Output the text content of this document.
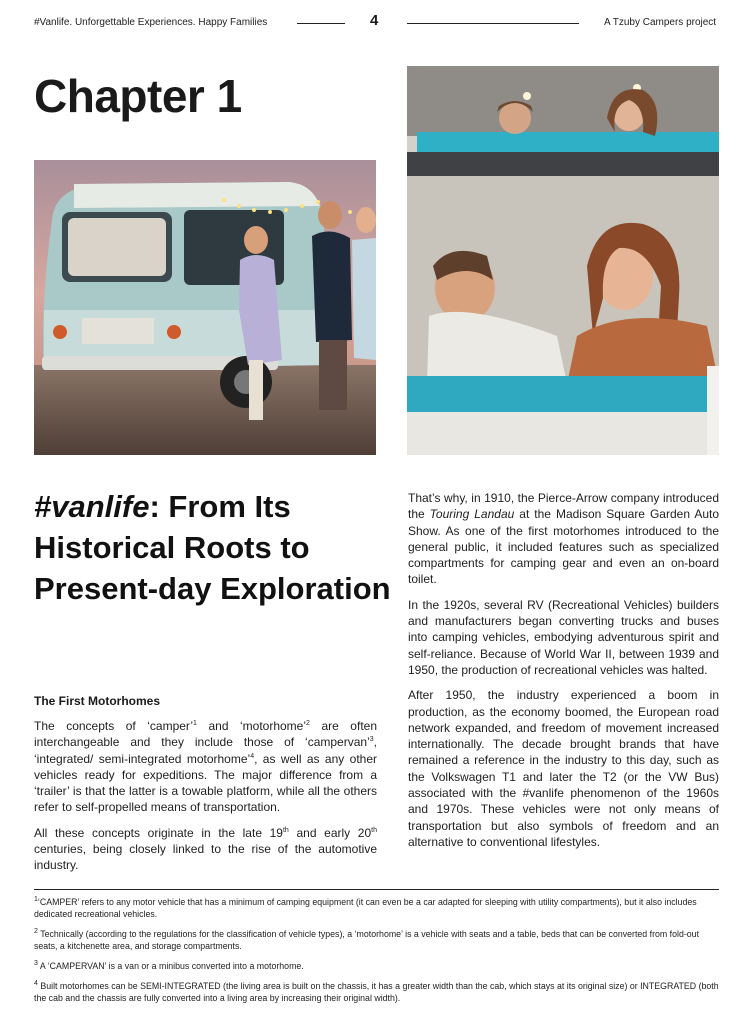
#Vanlife. Unforgettable Experiences. Happy Families	4	A Tzuby Campers project
Chapter 1
#vanlife: From Its Historical Roots to Present-day Exploration
The First Motorhomes

The concepts of ‘camper’$^1$ and ‘motorhome’$^2$ are often interchangeable and they include those of ‘campervan’$^3$, ‘integrated/ semi-integrated motorhome’$^4$, as well as any other vehicles ready for expeditions. The major difference from a ‘trailer’ is that the latter is a towable platform, while all the others refer to self-propelled means of transportation.

All these concepts originate in the late 19th and early 20th centuries, being closely linked to the rise of the automotive industry.

That’s why, in 1910, the Pierce-Arrow company introduced the Touring Landau at the Madison Square Garden Auto Show. As one of the first motorhomes introduced to the general public, it included features such as specialized compartments for camping gear and even an on-board toilet.

In the 1920s, several RV (Recreational Vehicles) builders and manufacturers began converting trucks and buses into camping vehicles, embodying adventurous spirit and self-reliance. Because of World War II, between 1939 and 1950, the production of recreational vehicles was halted.

After 1950, the industry experienced a boom in production, as the economy boomed, the European road network expanded, and freedom of movement increased internationally. The decade brought brands that have remained a reference in the industry to this day, such as the Volkswagen T1 and later the T2 (or the VW Bus) associated with the #vanlife phenomenon of the 1960s and 1970s. These vehicles were not only means of transportation but also symbols of freedom and an alternative to conventional lifestyles.

$^1$‘CAMPER’ refers to any motor vehicle that has a minimum of camping equipment (it can even be a car adapted for sleeping with utility compartments), but it also includes dedicated recreational vehicles.

$^2$ Technically (according to the regulations for the classification of vehicle types), a ‘motorhome’ is a vehicle with seats and a table, beds that can be converted from fold-out seats, a kitchenette area, and storage compartments.

$^3$ A ‘CAMPERVAN’ is a van or a minibus converted into a motorhome.

$^4$ Built motorhomes can be SEMI-INTEGRATED (the living area is built on the chassis, it has a greater width than the cab, which stays at its original size) or INTEGRATED (both the cab and the chassis are fully converted into a living area by increasing their original width).
